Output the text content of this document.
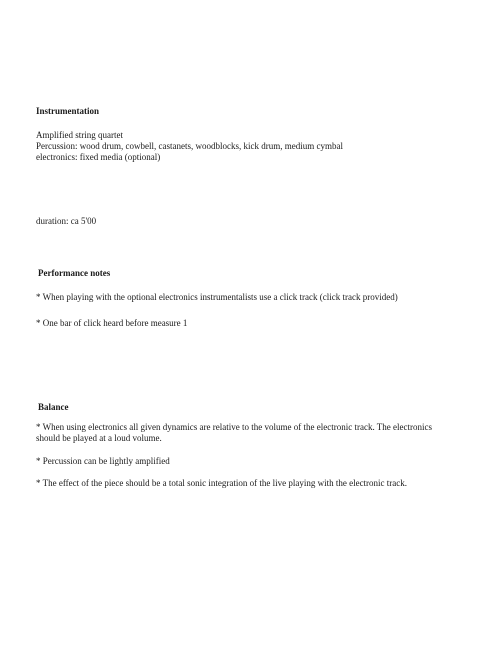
Instrumentation
Amplified string quartet
Percussion: wood drum, cowbell, castanets, woodblocks, kick drum, medium cymbal
electronics: fixed media (optional)
duration: ca 5'00
Performance notes
* When playing with the optional electronics instrumentalists use a click track (click track provided)
* One bar of click heard before measure 1
Balance
* When using electronics all given dynamics are relative to the volume of the electronic track. The electronics should be played at a loud volume.
* Percussion can be lightly amplified
* The effect of the piece should be a total sonic integration of the live playing with the electronic track.
